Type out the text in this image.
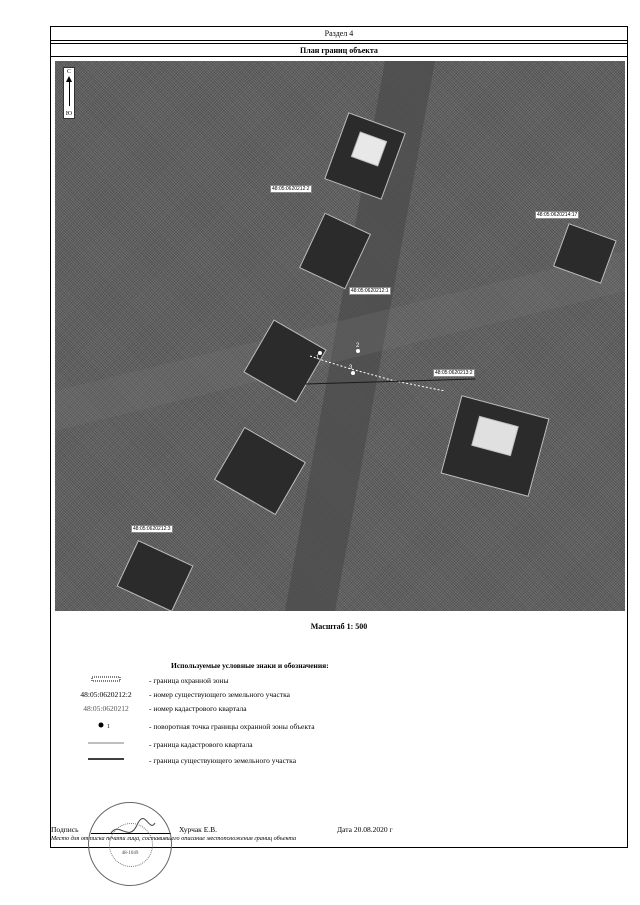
Раздел 4
План границ объекта
С
Ю
48:05:0620212:2
48:05:0620212:1
48:05:0620213:2
48:05:0620214:17
48:05:0620212:3
1
2
3
Масштаб 1: 500
Используемые условные знаки и обозначения:
- граница охранной зоны
48:05:0620212:2	- номер существующего земельного участка
48:05:0620212	- номер кадастрового квартала
1	- поворотная точка границы охранной зоны объекта
- граница кадастрового квартала
- граница существующего земельного участка
Подпись	Хурчак Е.В.	Дата 20.08.2020 г
Место для оттиска печати лица, составившего описание местоположения границ объекта
48-1049
